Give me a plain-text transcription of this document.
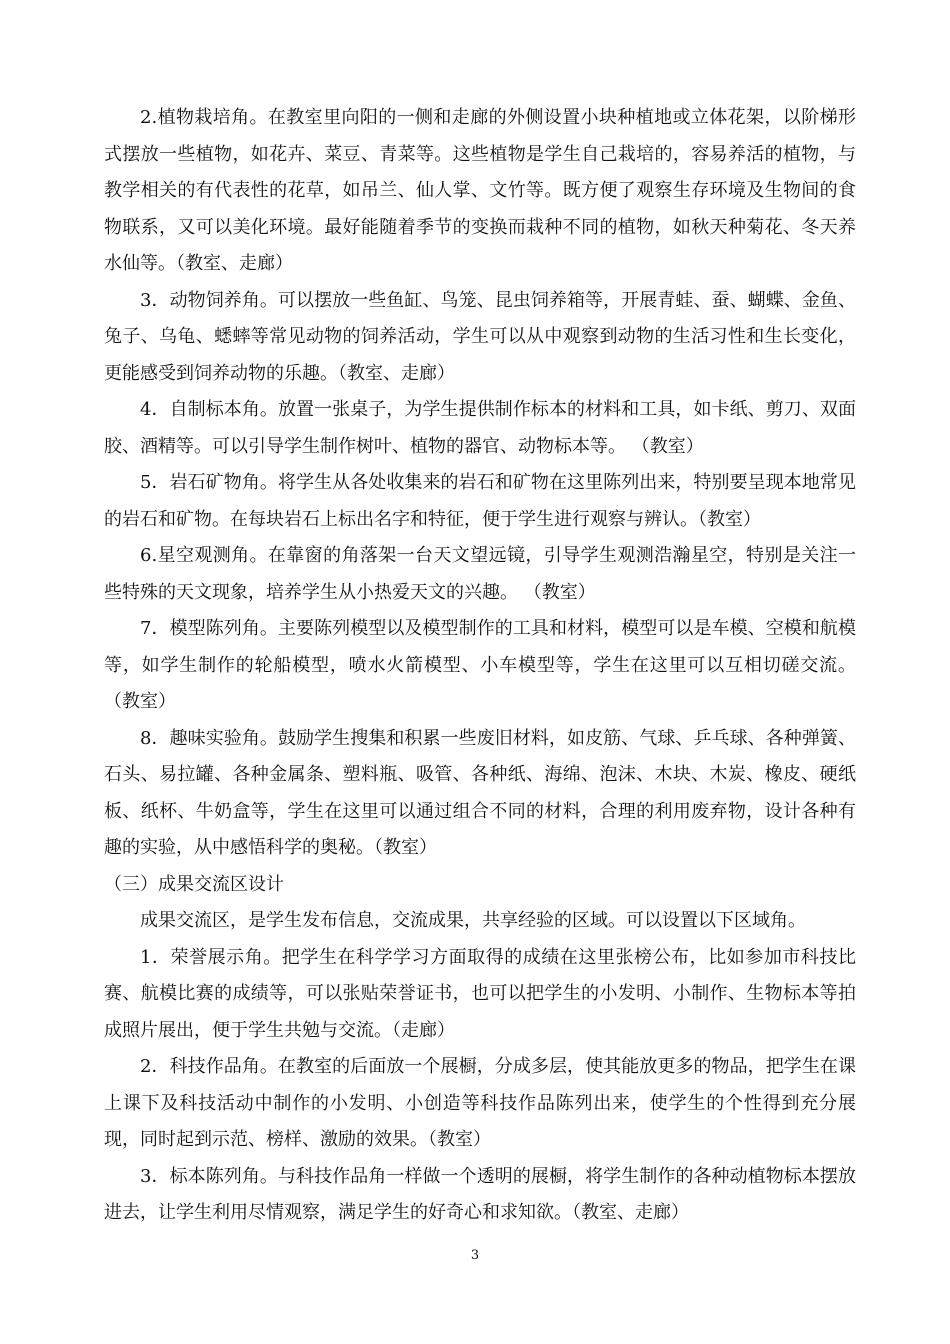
2.植物栽培角。在教室里向阳的一侧和走廊的外侧设置小块种植地或立体花架，以阶梯形式摆放一些植物，如花卉、菜豆、青菜等。这些植物是学生自己栽培的，容易养活的植物，与教学相关的有代表性的花草，如吊兰、仙人掌、文竹等。既方便了观察生存环境及生物间的食物联系，又可以美化环境。最好能随着季节的变换而栽种不同的植物，如秋天种菊花、冬天养水仙等。（教室、走廊）

3．动物饲养角。可以摆放一些鱼缸、鸟笼、昆虫饲养箱等，开展青蛙、蚕、蝴蝶、金鱼、兔子、乌龟、蟋蟀等常见动物的饲养活动，学生可以从中观察到动物的生活习性和生长变化，更能感受到饲养动物的乐趣。（教室、走廊）

4．自制标本角。放置一张桌子，为学生提供制作标本的材料和工具，如卡纸、剪刀、双面胶、酒精等。可以引导学生制作树叶、植物的器官、动物标本等。 （教室）

5．岩石矿物角。将学生从各处收集来的岩石和矿物在这里陈列出来，特别要呈现本地常见的岩石和矿物。在每块岩石上标出名字和特征，便于学生进行观察与辨认。（教室）

6.星空观测角。在靠窗的角落架一台天文望远镜，引导学生观测浩瀚星空，特别是关注一些特殊的天文现象，培养学生从小热爱天文的兴趣。 （教室）

7．模型陈列角。主要陈列模型以及模型制作的工具和材料，模型可以是车模、空模和航模等，如学生制作的轮船模型，喷水火箭模型、小车模型等，学生在这里可以互相切磋交流。 （教室）

8．趣味实验角。鼓励学生搜集和积累一些废旧材料，如皮筋、气球、乒乓球、各种弹簧、石头、易拉罐、各种金属条、塑料瓶、吸管、各种纸、海绵、泡沫、木块、木炭、橡皮、硬纸板、纸杯、牛奶盒等，学生在这里可以通过组合不同的材料，合理的利用废弃物，设计各种有趣的实验，从中感悟科学的奥秘。（教室）

（三）成果交流区设计

成果交流区，是学生发布信息，交流成果，共享经验的区域。可以设置以下区域角。

1．荣誉展示角。把学生在科学学习方面取得的成绩在这里张榜公布，比如参加市科技比赛、航模比赛的成绩等，可以张贴荣誉证书，也可以把学生的小发明、小制作、生物标本等拍成照片展出，便于学生共勉与交流。（走廊）

2．科技作品角。在教室的后面放一个展橱，分成多层，使其能放更多的物品，把学生在课上课下及科技活动中制作的小发明、小创造等科技作品陈列出来，使学生的个性得到充分展现，同时起到示范、榜样、激励的效果。（教室）

3．标本陈列角。与科技作品角一样做一个透明的展橱，将学生制作的各种动植物标本摆放进去，让学生利用尽情观察，满足学生的好奇心和求知欲。（教室、走廊）

3
